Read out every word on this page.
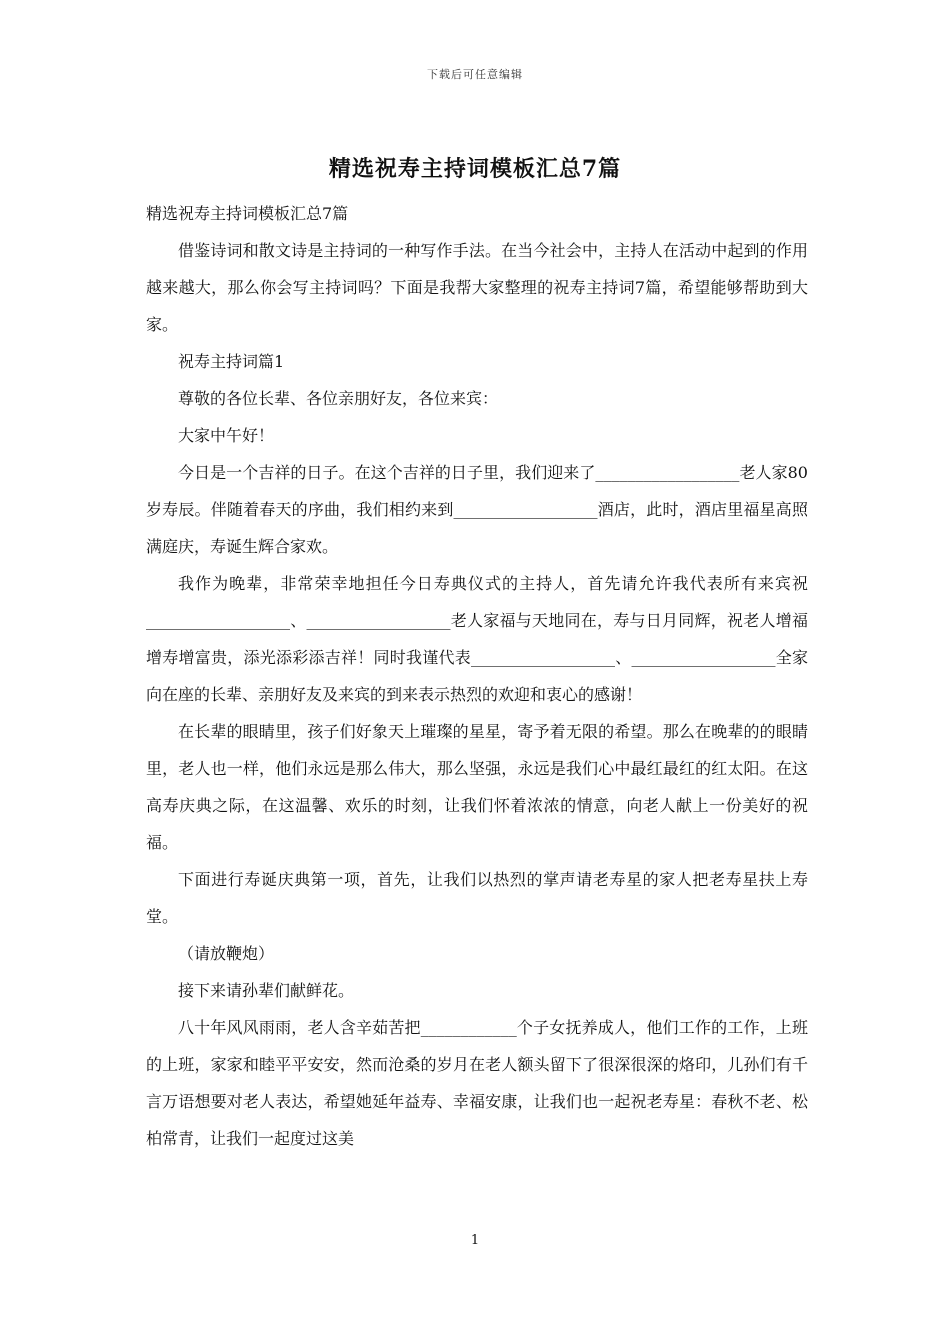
下载后可任意编辑
精选祝寿主持词模板汇总7篇

精选祝寿主持词模板汇总7篇

借鉴诗词和散文诗是主持词的一种写作手法。在当今社会中，主持人在活动中起到的作用越来越大，那么你会写主持词吗？下面是我帮大家整理的祝寿主持词7篇，希望能够帮助到大家。

祝寿主持词篇1

尊敬的各位长辈、各位亲朋好友，各位来宾：

大家中午好！

今日是一个吉祥的日子。在这个吉祥的日子里，我们迎来了__________________老人家80岁寿辰。伴随着春天的序曲，我们相约来到__________________酒店，此时，酒店里福星高照满庭庆，寿诞生辉合家欢。

我作为晚辈，非常荣幸地担任今日寿典仪式的主持人，首先请允许我代表所有来宾祝__________________、__________________老人家福与天地同在，寿与日月同辉，祝老人增福增寿增富贵，添光添彩添吉祥！同时我谨代表__________________、__________________全家向在座的长辈、亲朋好友及来宾的到来表示热烈的欢迎和衷心的感谢！

在长辈的眼睛里，孩子们好象天上璀璨的星星，寄予着无限的希望。那么在晚辈的的眼睛里，老人也一样，他们永远是那么伟大，那么坚强，永远是我们心中最红最红的红太阳。在这高寿庆典之际，在这温馨、欢乐的时刻，让我们怀着浓浓的情意，向老人献上一份美好的祝福。

下面进行寿诞庆典第一项，首先，让我们以热烈的掌声请老寿星的家人把老寿星扶上寿堂。

（请放鞭炮）

接下来请孙辈们献鲜花。

八十年风风雨雨，老人含辛茹苦把____________个子女抚养成人，他们工作的工作，上班的上班，家家和睦平平安安，然而沧桑的岁月在老人额头留下了很深很深的烙印，儿孙们有千言万语想要对老人表达，希望她延年益寿、幸福安康，让我们也一起祝老寿星：春秋不老、松柏常青，让我们一起度过这美

1
